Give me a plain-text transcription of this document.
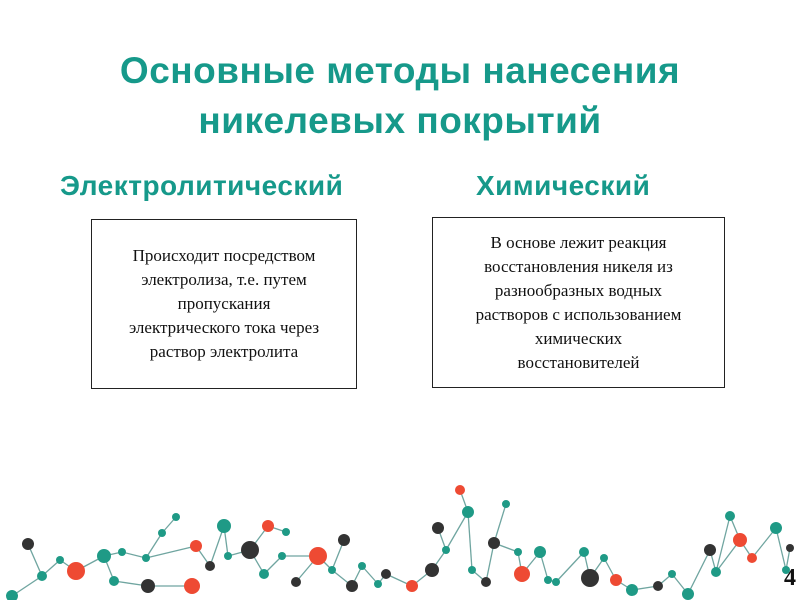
Основные методы нанесения
никелевых покрытий
Электролитический	Химический
Происходит посредством
электролиза, т.е. путем
пропускания
электрического тока через
раствор электролита
В основе лежит реакция
восстановления никеля из
разнообразных водных
растворов с использованием
химических
восстановителей
4
